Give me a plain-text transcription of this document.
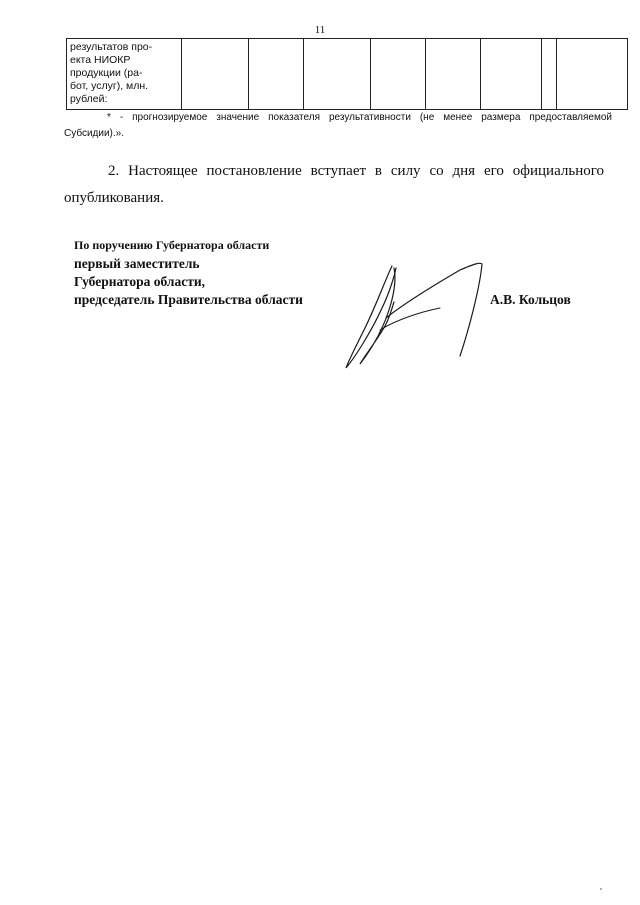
11
результатов про-
екта НИОКР
продукции (ра-
бот, услуг), млн.
рублей:

* - прогнозируемое значение показателя результативности (не менее размера предоставляемой Субсидии).».
2. Настоящее постановление вступает в силу со дня его официального опубликования.
По поручению Губернатора области
первый заместитель
Губернатора области,
председатель Правительства области	А.В. Кольцов
